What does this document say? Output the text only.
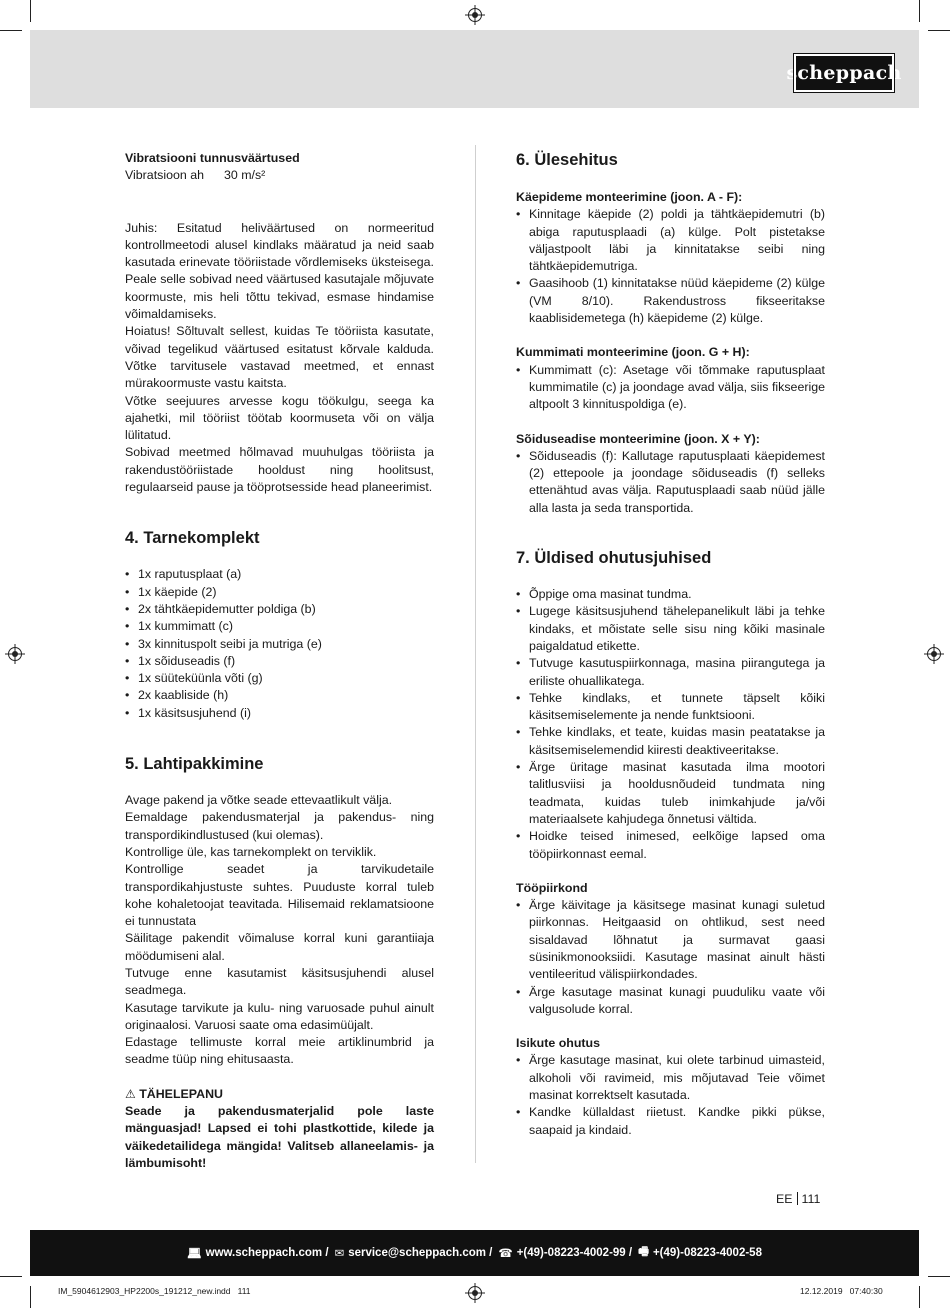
scheppach

Vibratsiooni tunnusväärtused

Vibratsioon ah 30 m/s²

Juhis: Esitatud heliväärtused on normeeritud kontrollmeetodi alusel kindlaks määratud ja neid saab kasutada erinevate tööriistade võrdlemiseks üksteisega. Peale selle sobivad need väärtused kasutajale mõjuvate koormuste, mis heli tõttu tekivad, esmase hindamise võimaldamiseks.

Hoiatus! Sõltuvalt sellest, kuidas Te tööriista kasutate, võivad tegelikud väärtused esitatust kõrvale kalduda. Võtke tarvitusele vastavad meetmed, et ennast mürakoormuste vastu kaitsta.

Võtke seejuures arvesse kogu töökulgu, seega ka ajahetki, mil tööriist töötab koormuseta või on välja lülitatud.

Sobivad meetmed hõlmavad muuhulgas tööriista ja rakendustööriistade hooldust ning hoolitsust, regulaarseid pause ja tööprotsesside head planeerimist.

4. Tarnekomplekt
• 1x raputusplaat (a)
• 1x käepide (2)
• 2x tähtkäepidemutter poldiga (b)
• 1x kummimatt (c)
• 3x kinnituspolt seibi ja mutriga (e)
• 1x sõiduseadis (f)
• 1x süüteküünla võti (g)
• 2x kaabliside (h)
• 1x käsitsusjuhend (i)
5. Lahtipakkimine

Avage pakend ja võtke seade ettevaatlikult välja.

Eemaldage pakendusmaterjal ja pakendus- ning transpordikindlustused (kui olemas).

Kontrollige üle, kas tarnekomplekt on terviklik.

Kontrollige seadet ja tarvikudetaile transpordikahjustuste suhtes. Puuduste korral tuleb kohe kohaletoojat teavitada. Hilisemaid reklamatsioone ei tunnustata

Säilitage pakendit võimaluse korral kuni garantiiaja möödumiseni alal.

Tutvuge enne kasutamist käsitsusjuhendi alusel seadmega.

Kasutage tarvikute ja kulu- ning varuosade puhul ainult originaalosi. Varuosi saate oma edasimüüjalt.

Edastage tellimuste korral meie artiklinumbrid ja seadme tüüp ning ehitusaasta.

⚠ TÄHELEPANU

Seade ja pakendusmaterjalid pole laste mänguasjad! Lapsed ei tohi plastkottide, kilede ja väikedetailidega mängida! Valitseb allaneelamis- ja lämbumisoht!

6. Ülesehitus

Käepideme monteerimine (joon. A - F):

• Kinnitage käepide (2) poldi ja tähtkäepidemutri (b) abiga raputusplaadi (a) külge. Polt pistetakse väljastpoolt läbi ja kinnitatakse seibi ning tähtkäepidemutriga.
• Gaasihoob (1) kinnitatakse nüüd käepideme (2) külge (VM 8/10). Rakendustross fikseeritakse kaablisidemetega (h) käepideme (2) külge.

Kummimati monteerimine (joon. G + H):

• Kummimatt (c): Asetage või tõmmake raputusplaat kummimatile (c) ja joondage avad välja, siis fikseerige altpoolt 3 kinnituspoldiga (e).

Sõiduseadise monteerimine (joon. X + Y):

• Sõiduseadis (f): Kallutage raputusplaati käepidemest (2) ettepoole ja joondage sõiduseadis (f) selleks ettenähtud avas välja. Raputusplaadi saab nüüd jälle alla lasta ja seda transportida.
7. Üldised ohutusjuhised
• Õppige oma masinat tundma.
• Lugege käsitsusjuhend tähelepanelikult läbi ja tehke kindaks, et mõistate selle sisu ning kõiki masinale paigaldatud etikette.
• Tutvuge kasutuspiirkonnaga, masina piirangutega ja eriliste ohuallikatega.
• Tehke kindlaks, et tunnete täpselt kõiki käsitsemiselemente ja nende funktsiooni.
• Tehke kindlaks, et teate, kuidas masin peatatakse ja käsitsemiselemendid kiiresti deaktiveeritakse.
• Ärge üritage masinat kasutada ilma mootori talitlusviisi ja hooldusnõudeid tundmata ning teadmata, kuidas tuleb inimkahjude ja/või materiaalsete kahjudega õnnetusi vältida.
• Hoidke teised inimesed, eelkõige lapsed oma tööpiirkonnast eemal.

Tööpiirkond

• Ärge käivitage ja käsitsege masinat kunagi suletud piirkonnas. Heitgaasid on ohtlikud, sest need sisaldavad lõhnatut ja surmavat gaasi süsinikmonooksiidi. Kasutage masinat ainult hästi ventileeritud välispiirkondades.
• Ärge kasutage masinat kunagi puuduliku vaate või valgusolude korral.

Isikute ohutus

• Ärge kasutage masinat, kui olete tarbinud uimasteid, alkoholi või ravimeid, mis mõjutavad Teie võimet masinat korrektselt kasutada.
• Kandke küllaldast riietust. Kandke pikki pükse, saapaid ja kindaid.
EE 111
💻︎ www.scheppach.com / ✉ service@scheppach.com / ☎ +(49)-08223-4002-99 / 🖷︎ +(49)-08223-4002-58
IM_5904612903_HP2200s_191212_new.indd   111	12.12.2019   07:40:30
